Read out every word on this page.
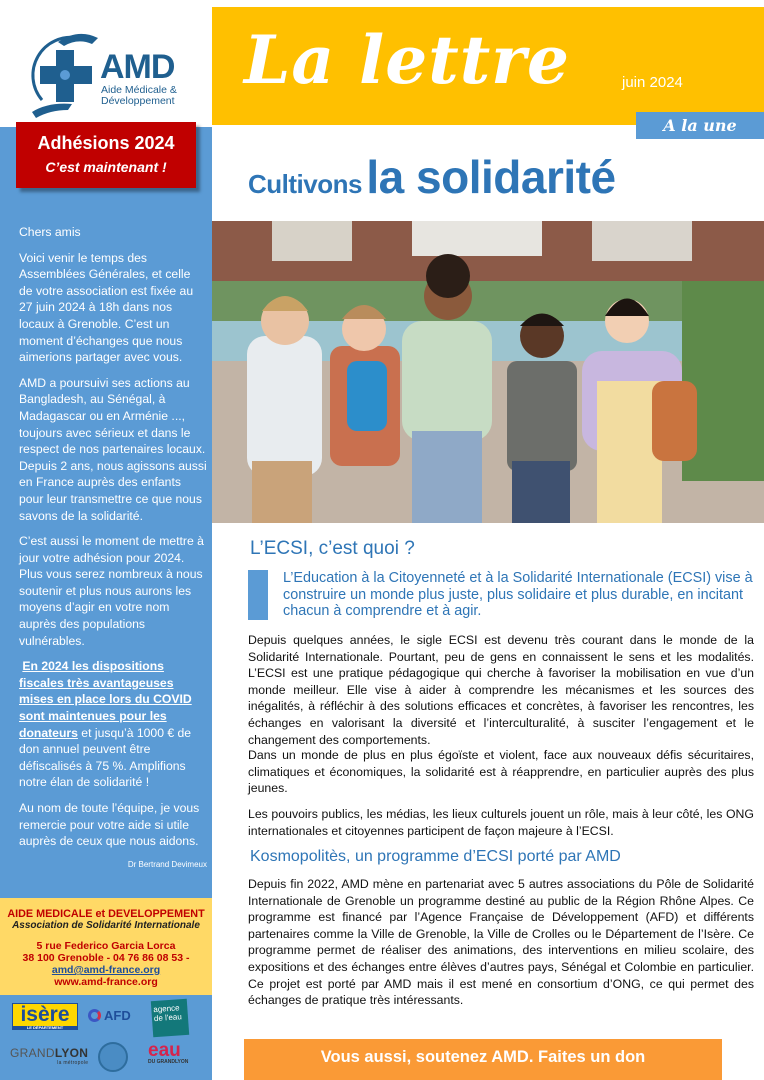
AMD
Aide Médicale &
Développement

Chers amis

Voici venir le temps des Assemblées Générales, et celle de votre association est fixée au 27 juin 2024 à 18h dans nos locaux à Grenoble. C’est un moment d’échanges que nous aimerions partager avec vous.

AMD a poursuivi ses actions au Bangladesh, au Sénégal, à Madagascar ou en Arménie ..., toujours avec sérieux et dans le respect de nos partenaires locaux. Depuis 2 ans, nous agissons aussi en France auprès des enfants pour leur transmettre ce que nous savons de la solidarité.

C’est aussi le moment de mettre à jour votre adhésion pour 2024. Plus vous serez nombreux à nous soutenir et plus nous aurons les moyens d’agir en votre nom auprès des populations vulnérables.

En 2024 les dispositions fiscales très avantageuses mises en place lors du COVID sont maintenues pour les donateurs et jusqu’à 1000 € de don annuel peuvent être défiscalisés à 75 %. Amplifions notre élan de solidarité !

Au nom de toute l’équipe, je vous remercie pour votre aide si utile auprès de ceux que nous aidons.

Dr Bertrand Devimeux
Adhésions 2024
C’est maintenant !
AIDE MEDICALE et DEVELOPPEMENT
Association de Solidarité Internationale
5 rue Federico Garcia Lorca
38 100 Grenoble - 04 76 86 08 53 -
amd@amd-france.org
www.amd-france.org
isère
LE DÉPARTEMENT
AFD	agence de l'eau
GRANDLYON
la métropole
eau
DU GRANDLYON
La lettre	juin 2024
A la une
Cultivons la solidarité
L’ECSI, c’est quoi ?
L’Education à la Citoyenneté et à la Solidarité Internationale (ECSI) vise à construire un monde plus juste, plus solidaire et plus durable, en incitant chacun à comprendre et à agir.
Depuis quelques années, le sigle ECSI est devenu très courant dans le monde de la Solidarité Internationale. Pourtant, peu de gens en connaissent le sens et les modalités. L’ECSI est une pratique pédagogique qui cherche à favoriser la mobilisation en vue d’un monde meilleur. Elle vise à aider à comprendre les mécanismes et les sources des inégalités, à réfléchir à des solutions efficaces et concrètes, à favoriser les rencontres, les échanges en valorisant la diversité et l’interculturalité, à susciter l’engagement et le changement des comportements.
Dans un monde de plus en plus égoïste et violent, face aux nouveaux défis sécuritaires, climatiques et économiques, la solidarité est à réapprendre, en particulier auprès des plus jeunes.
Les pouvoirs publics, les médias, les lieux culturels jouent un rôle, mais à leur côté, les ONG internationales et citoyennes participent de façon majeure à l’ECSI.
Kosmopolitès, un programme d’ECSI porté par AMD
Depuis fin 2022, AMD mène en partenariat avec 5 autres associations du Pôle de Solidarité Internationale de Grenoble un programme destiné au public de la Région Rhône Alpes. Ce programme est financé par l’Agence Française de Développement (AFD) et différents partenaires comme la Ville de Grenoble, la Ville de Crolles ou le Département de l’Isère. Ce programme permet de réaliser des animations, des interventions en milieu scolaire, des expositions et des échanges entre élèves d’autres pays, Sénégal et Colombie en particulier. Ce projet est porté par AMD mais il est mené en consortium d’ONG, ce qui permet des échanges de pratique très intéressants.
Vous aussi, soutenez AMD. Faites un don
